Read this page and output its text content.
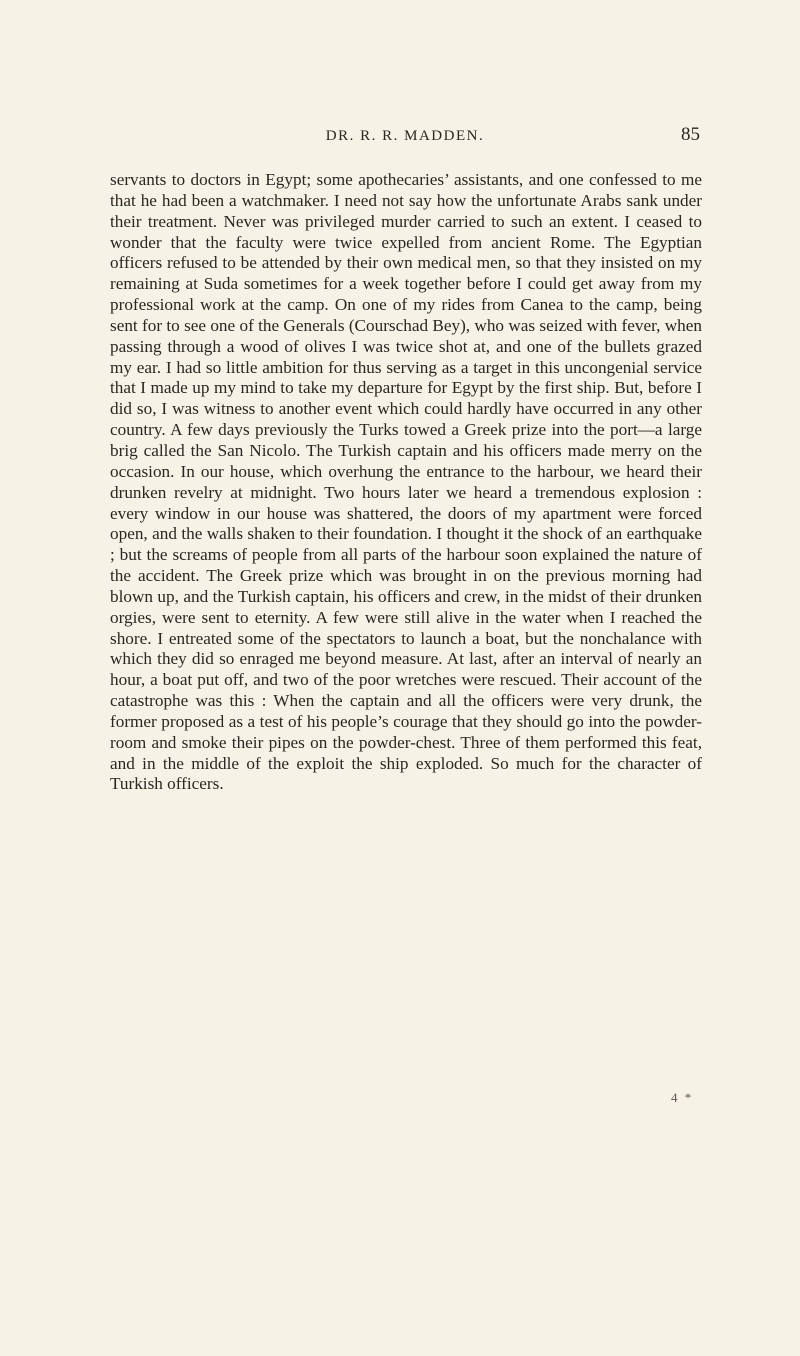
DR. R. R. MADDEN.	85

servants to doctors in Egypt; some apothecaries’ assistants, and one confessed to me that he had been a watchmaker. I need not say how the unfortunate Arabs sank under their treatment. Never was privileged murder carried to such an extent. I ceased to wonder that the faculty were twice expelled from ancient Rome. The Egyptian officers refused to be attended by their own medical men, so that they insisted on my remaining at Suda sometimes for a week together before I could get away from my professional work at the camp. On one of my rides from Canea to the camp, being sent for to see one of the Generals (Courschad Bey), who was seized with fever, when passing through a wood of olives I was twice shot at, and one of the bullets grazed my ear. I had so little ambition for thus serving as a target in this uncongenial service that I made up my mind to take my departure for Egypt by the first ship. But, before I did so, I was witness to another event which could hardly have occurred in any other country. A few days previously the Turks towed a Greek prize into the port—a large brig called the San Nicolo. The Turkish captain and his officers made merry on the occasion. In our house, which overhung the entrance to the harbour, we heard their drunken revelry at midnight. Two hours later we heard a tremendous explosion : every window in our house was shattered, the doors of my apartment were forced open, and the walls shaken to their foundation. I thought it the shock of an earthquake ; but the screams of people from all parts of the harbour soon explained the nature of the accident. The Greek prize which was brought in on the previous morning had blown up, and the Turkish captain, his officers and crew, in the midst of their drunken orgies, were sent to eternity. A few were still alive in the water when I reached the shore. I entreated some of the spectators to launch a boat, but the nonchalance with which they did so enraged me beyond measure. At last, after an interval of nearly an hour, a boat put off, and two of the poor wretches were rescued. Their account of the catastrophe was this : When the captain and all the officers were very drunk, the former proposed as a test of his people’s courage that they should go into the powder-room and smoke their pipes on the powder-chest. Three of them performed this feat, and in the middle of the exploit the ship exploded. So much for the character of Turkish officers.

4 *
